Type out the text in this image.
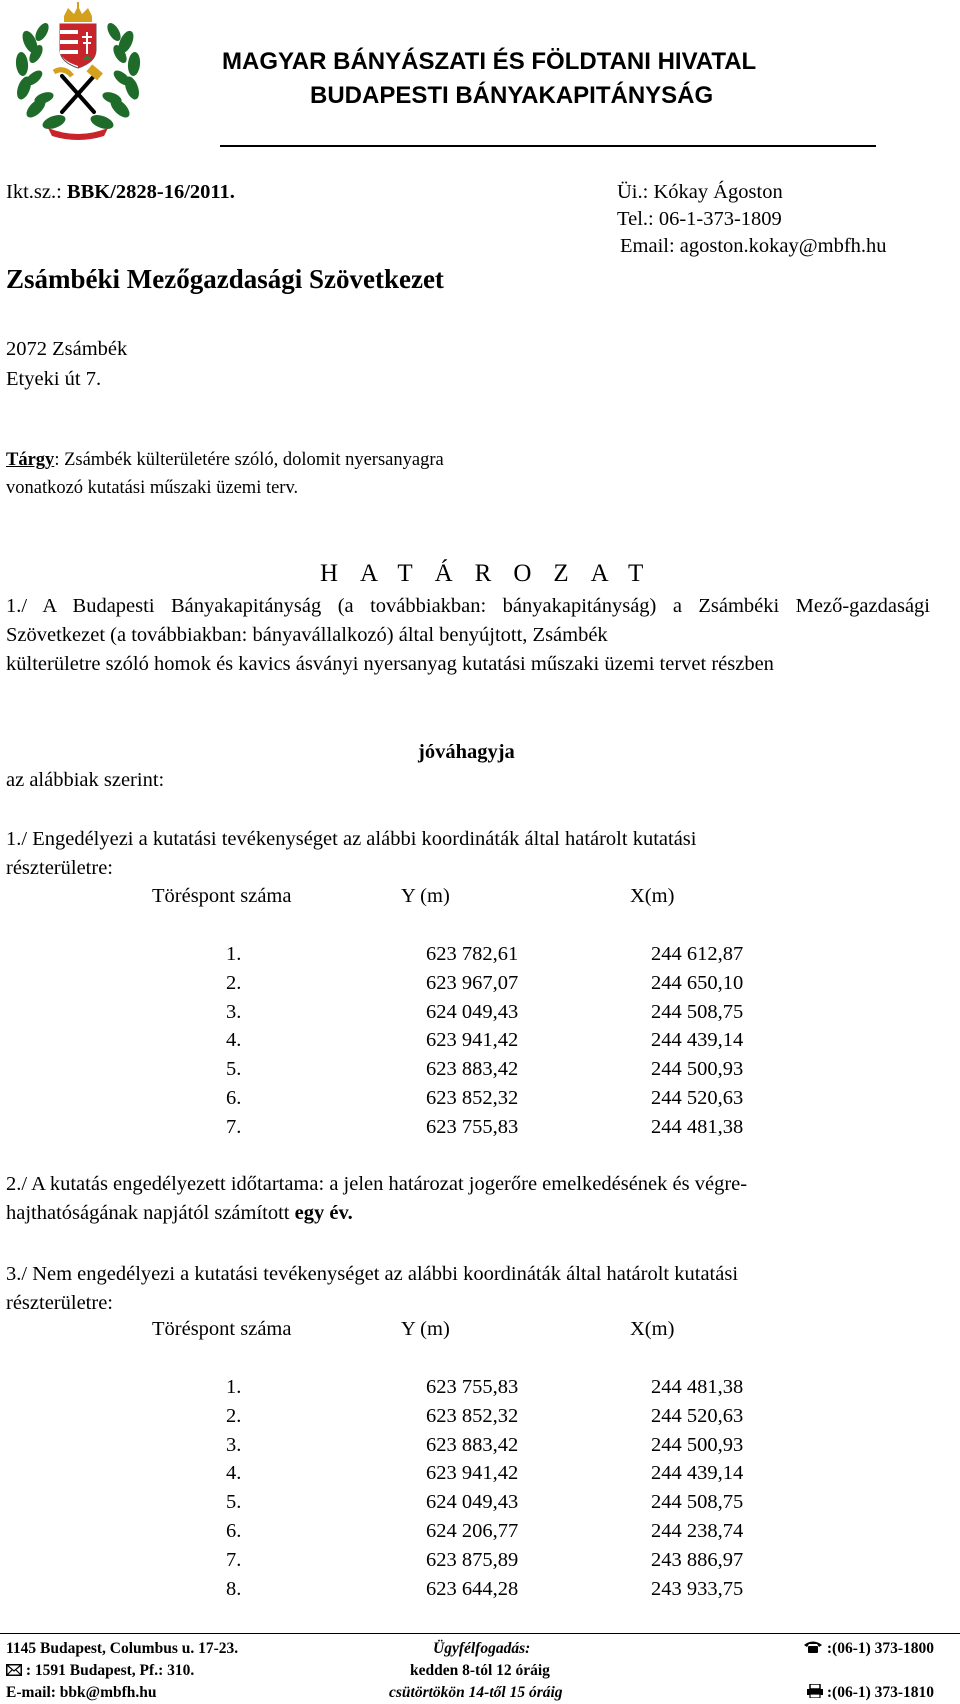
MAGYAR BÁNYÁSZATI ÉS FÖLDTANI HIVATAL
BUDAPESTI BÁNYAKAPITÁNYSÁG
Ikt.sz.: BBK/2828-16/2011.	Üi.: Kókay Ágoston
Tel.: 06-1-373-1809
Email: agoston.kokay@mbfh.hu
Zsámbéki Mezőgazdasági Szövetkezet
2072 Zsámbék
Etyeki út 7.
Tárgy: Zsámbék külterületére szóló, dolomit nyersanyagra
vonatkozó kutatási műszaki üzemi terv.
HATÁROZAT
1./ A Budapesti Bányakapitányság (a továbbiakban: bányakapitányság) a Zsámbéki Mező-gazdasági Szövetkezet (a továbbiakban: bányavállalkozó) által benyújtott, Zsámbék
külterületre szóló homok és kavics ásványi nyersanyag kutatási műszaki üzemi tervet részben
jóváhagyja
az alábbiak szerint:
1./ Engedélyezi a kutatási tevékenységet az alábbi koordináták által határolt kutatási
részterületre:
Töréspont száma	Y (m)	X(m)
1.	623 782,61	244 612,87
2.	623 967,07	244 650,10
3.	624 049,43	244 508,75
4.	623 941,42	244 439,14
5.	623 883,42	244 500,93
6.	623 852,32	244 520,63
7.	623 755,83	244 481,38
2./ A kutatás engedélyezett időtartama: a jelen határozat jogerőre emelkedésének és végre-
hajthatóságának napjától számított egy év.
3./ Nem engedélyezi a kutatási tevékenységet az alábbi koordináták által határolt kutatási
részterületre:
Töréspont száma	Y (m)	X(m)
1.	623 755,83	244 481,38
2.	623 852,32	244 520,63
3.	623 883,42	244 500,93
4.	623 941,42	244 439,14
5.	624 049,43	244 508,75
6.	624 206,77	244 238,74
7.	623 875,89	243 886,97
8.	623 644,28	243 933,75
1145 Budapest, Columbus u. 17-23.
: 1591 Budapest, Pf.: 310.
E-mail: bbk@mbfh.hu
Ügyfélfogadás:
kedden 8-tól 12 óráig
csütörtökön 14-től 15 óráig
:(06-1) 373-1800
:(06-1) 373-1810
